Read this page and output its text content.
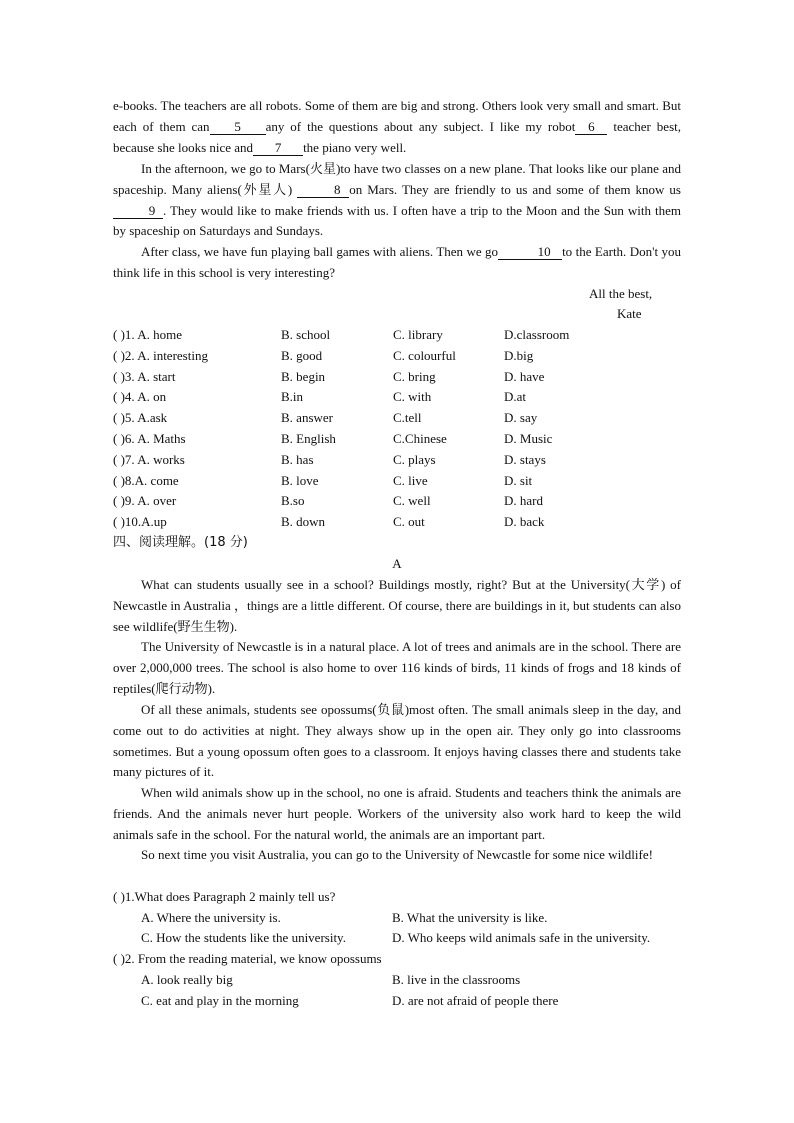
e-books. The teachers are all robots. Some of them are big and strong. Others look very small and smart. But each of them can 5 any of the questions about any subject. I like my robot 6 teacher best, because she looks nice and 7 the piano very well.

In the afternoon, we go to Mars(火星)to have two classes on a new plane. That looks like our plane and spaceship. Many aliens(外星人)	8 on Mars. They are friendly to us and some of them know us9 . They would like to make friends with us. I often have a trip to the Moon and the Sun with them by spaceship on Saturdays and Sundays.

After class, we have fun playing ball games with aliens. Then we go	10 to the Earth. Don't you think life in this school is very interesting?

All the best,
Kate
( )1. A. home	B. school	C. library	D.classroom
( )2. A. interesting	B. good	C. colourful	D.big
( )3. A. start	B. begin	C. bring	D. have
( )4. A. on	B.in	C. with	D.at
( )5. A.ask	B. answer	C.tell	D. say
( )6. A. Maths	B. English	C.Chinese	D. Music
( )7. A. works	B. has	C. plays	D. stays
( )8.A. come	B. love	C. live	D. sit
( )9. A. over	B.so	C. well	D. hard
( )10.A.up	B. down	C. out	D. back
四、阅读理解。(18 分)
A

What can students usually see in a school? Buildings mostly, right? But at the University(大学) of Newcastle in Australia ，things are a little different. Of course, there are buildings in it, but students can also see wildlife(野生生物).

The University of Newcastle is in a natural place. A lot of trees and animals are in the school. There are over 2,000,000 trees. The school is also home to over 116 kinds of birds, 11 kinds of frogs and 18 kinds of reptiles(爬行动物).

Of all these animals, students see opossums(负鼠)most often. The small animals sleep in the day, and come out to do activities at night. They always show up in the open air. They only go into classrooms sometimes. But a young opossum often goes to a classroom. It enjoys having classes there and students take many pictures of it.

When wild animals show up in the school, no one is afraid. Students and teachers think the animals are friends. And the animals never hurt people. Workers of the university also work hard to keep the wild animals safe in the school. For the natural world, the animals are an important part.

So next time you visit Australia, you can go to the University of Newcastle for some nice wildlife!

( )1.What does Paragraph 2 mainly tell us?
A. Where the university is.	B. What the university is like.
C. How the students like the university.	D. Who keeps wild animals safe in the university.
( )2. From the reading material, we know opossums
A. look really big	B. live in the classrooms
C. eat and play in the morning	D. are not afraid of people there
